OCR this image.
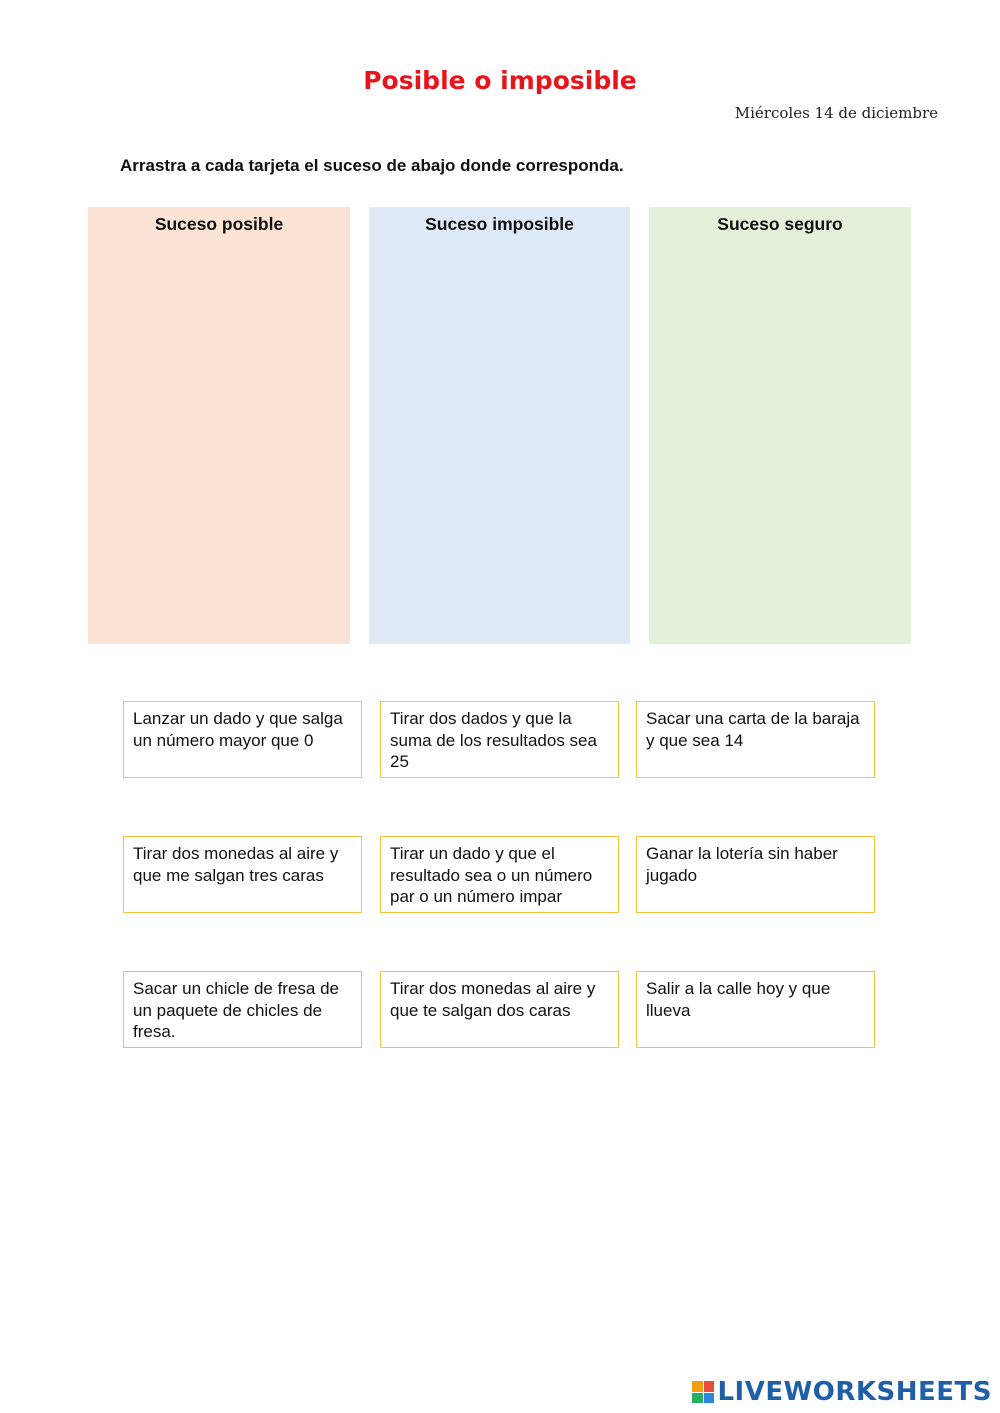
Posible o imposible
Miércoles 14 de diciembre
Arrastra a cada tarjeta el suceso de abajo donde corresponda.
Suceso posible	Suceso imposible	Suceso seguro
Lanzar un dado y que salga un número mayor que 0
Tirar dos dados y que la suma de los resultados sea 25
Sacar una carta de la baraja y que sea 14
Tirar dos monedas al aire y que me salgan tres caras
Tirar un dado y que el resultado sea o un número par o un número impar
Ganar la lotería sin haber jugado
Sacar un chicle de fresa de un paquete de chicles de fresa.
Tirar dos monedas al aire y que te salgan dos caras
Salir a la calle hoy y que llueva
LIVEWORKSHEETS
